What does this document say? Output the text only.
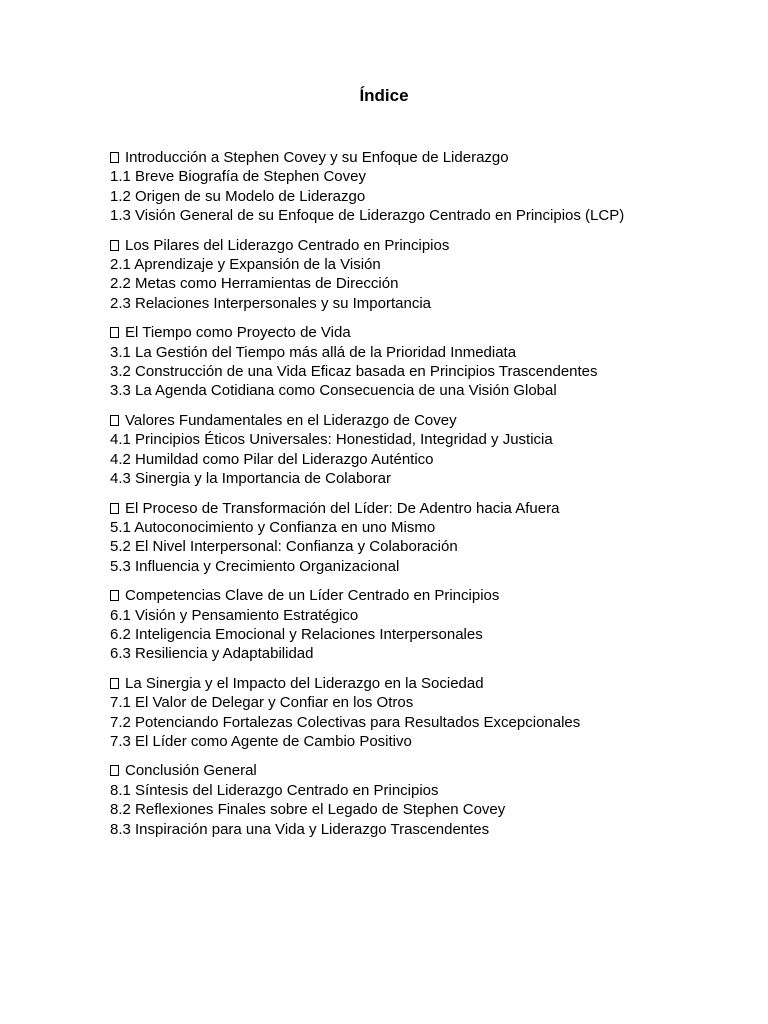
Índice
Introducción a Stephen Covey y su Enfoque de Liderazgo
1.1 Breve Biografía de Stephen Covey
1.2 Origen de su Modelo de Liderazgo
1.3 Visión General de su Enfoque de Liderazgo Centrado en Principios (LCP)
Los Pilares del Liderazgo Centrado en Principios
2.1 Aprendizaje y Expansión de la Visión
2.2 Metas como Herramientas de Dirección
2.3 Relaciones Interpersonales y su Importancia
El Tiempo como Proyecto de Vida
3.1 La Gestión del Tiempo más allá de la Prioridad Inmediata
3.2 Construcción de una Vida Eficaz basada en Principios Trascendentes
3.3 La Agenda Cotidiana como Consecuencia de una Visión Global
Valores Fundamentales en el Liderazgo de Covey
4.1 Principios Éticos Universales: Honestidad, Integridad y Justicia
4.2 Humildad como Pilar del Liderazgo Auténtico
4.3 Sinergia y la Importancia de Colaborar
El Proceso de Transformación del Líder: De Adentro hacia Afuera
5.1 Autoconocimiento y Confianza en uno Mismo
5.2 El Nivel Interpersonal: Confianza y Colaboración
5.3 Influencia y Crecimiento Organizacional
Competencias Clave de un Líder Centrado en Principios
6.1 Visión y Pensamiento Estratégico
6.2 Inteligencia Emocional y Relaciones Interpersonales
6.3 Resiliencia y Adaptabilidad
La Sinergia y el Impacto del Liderazgo en la Sociedad
7.1 El Valor de Delegar y Confiar en los Otros
7.2 Potenciando Fortalezas Colectivas para Resultados Excepcionales
7.3 El Líder como Agente de Cambio Positivo
Conclusión General
8.1 Síntesis del Liderazgo Centrado en Principios
8.2 Reflexiones Finales sobre el Legado de Stephen Covey
8.3 Inspiración para una Vida y Liderazgo Trascendentes
